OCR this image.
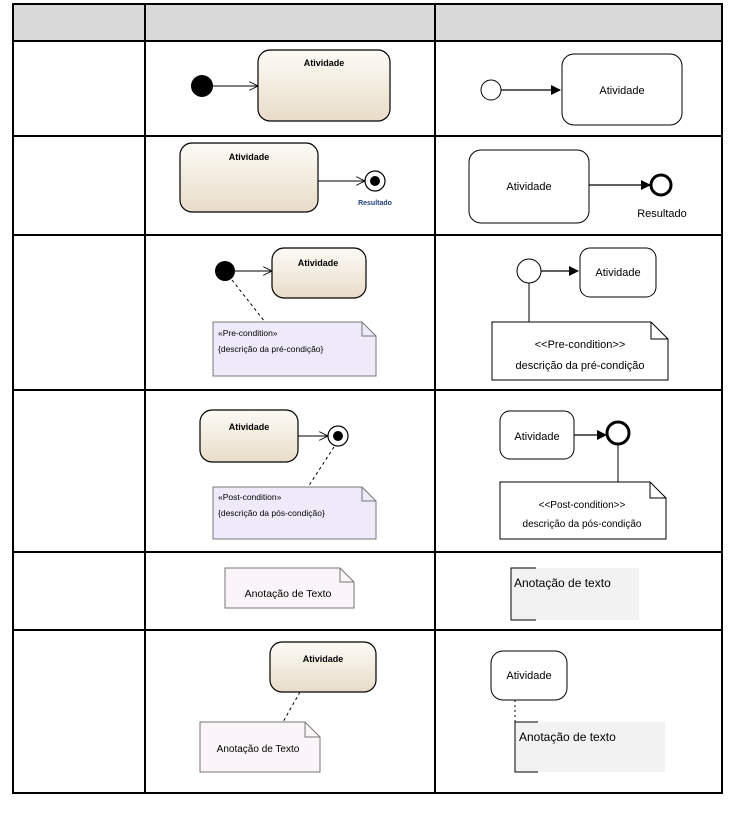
Atividade
Atividade
Atividade
Resultado
Atividade
Resultado
Atividade
«Pre-condition»
{descrição da pré-condição}
Atividade
<<Pre-condition>>
descrição da pré-condição
Atividade
«Post-condition»
{descrição da pós-condição}
Atividade
<<Post-condition>>
descrição da pós-condição
Anotação de Texto
Anotação de texto
Atividade
Anotação de Texto
Atividade
Anotação de texto
